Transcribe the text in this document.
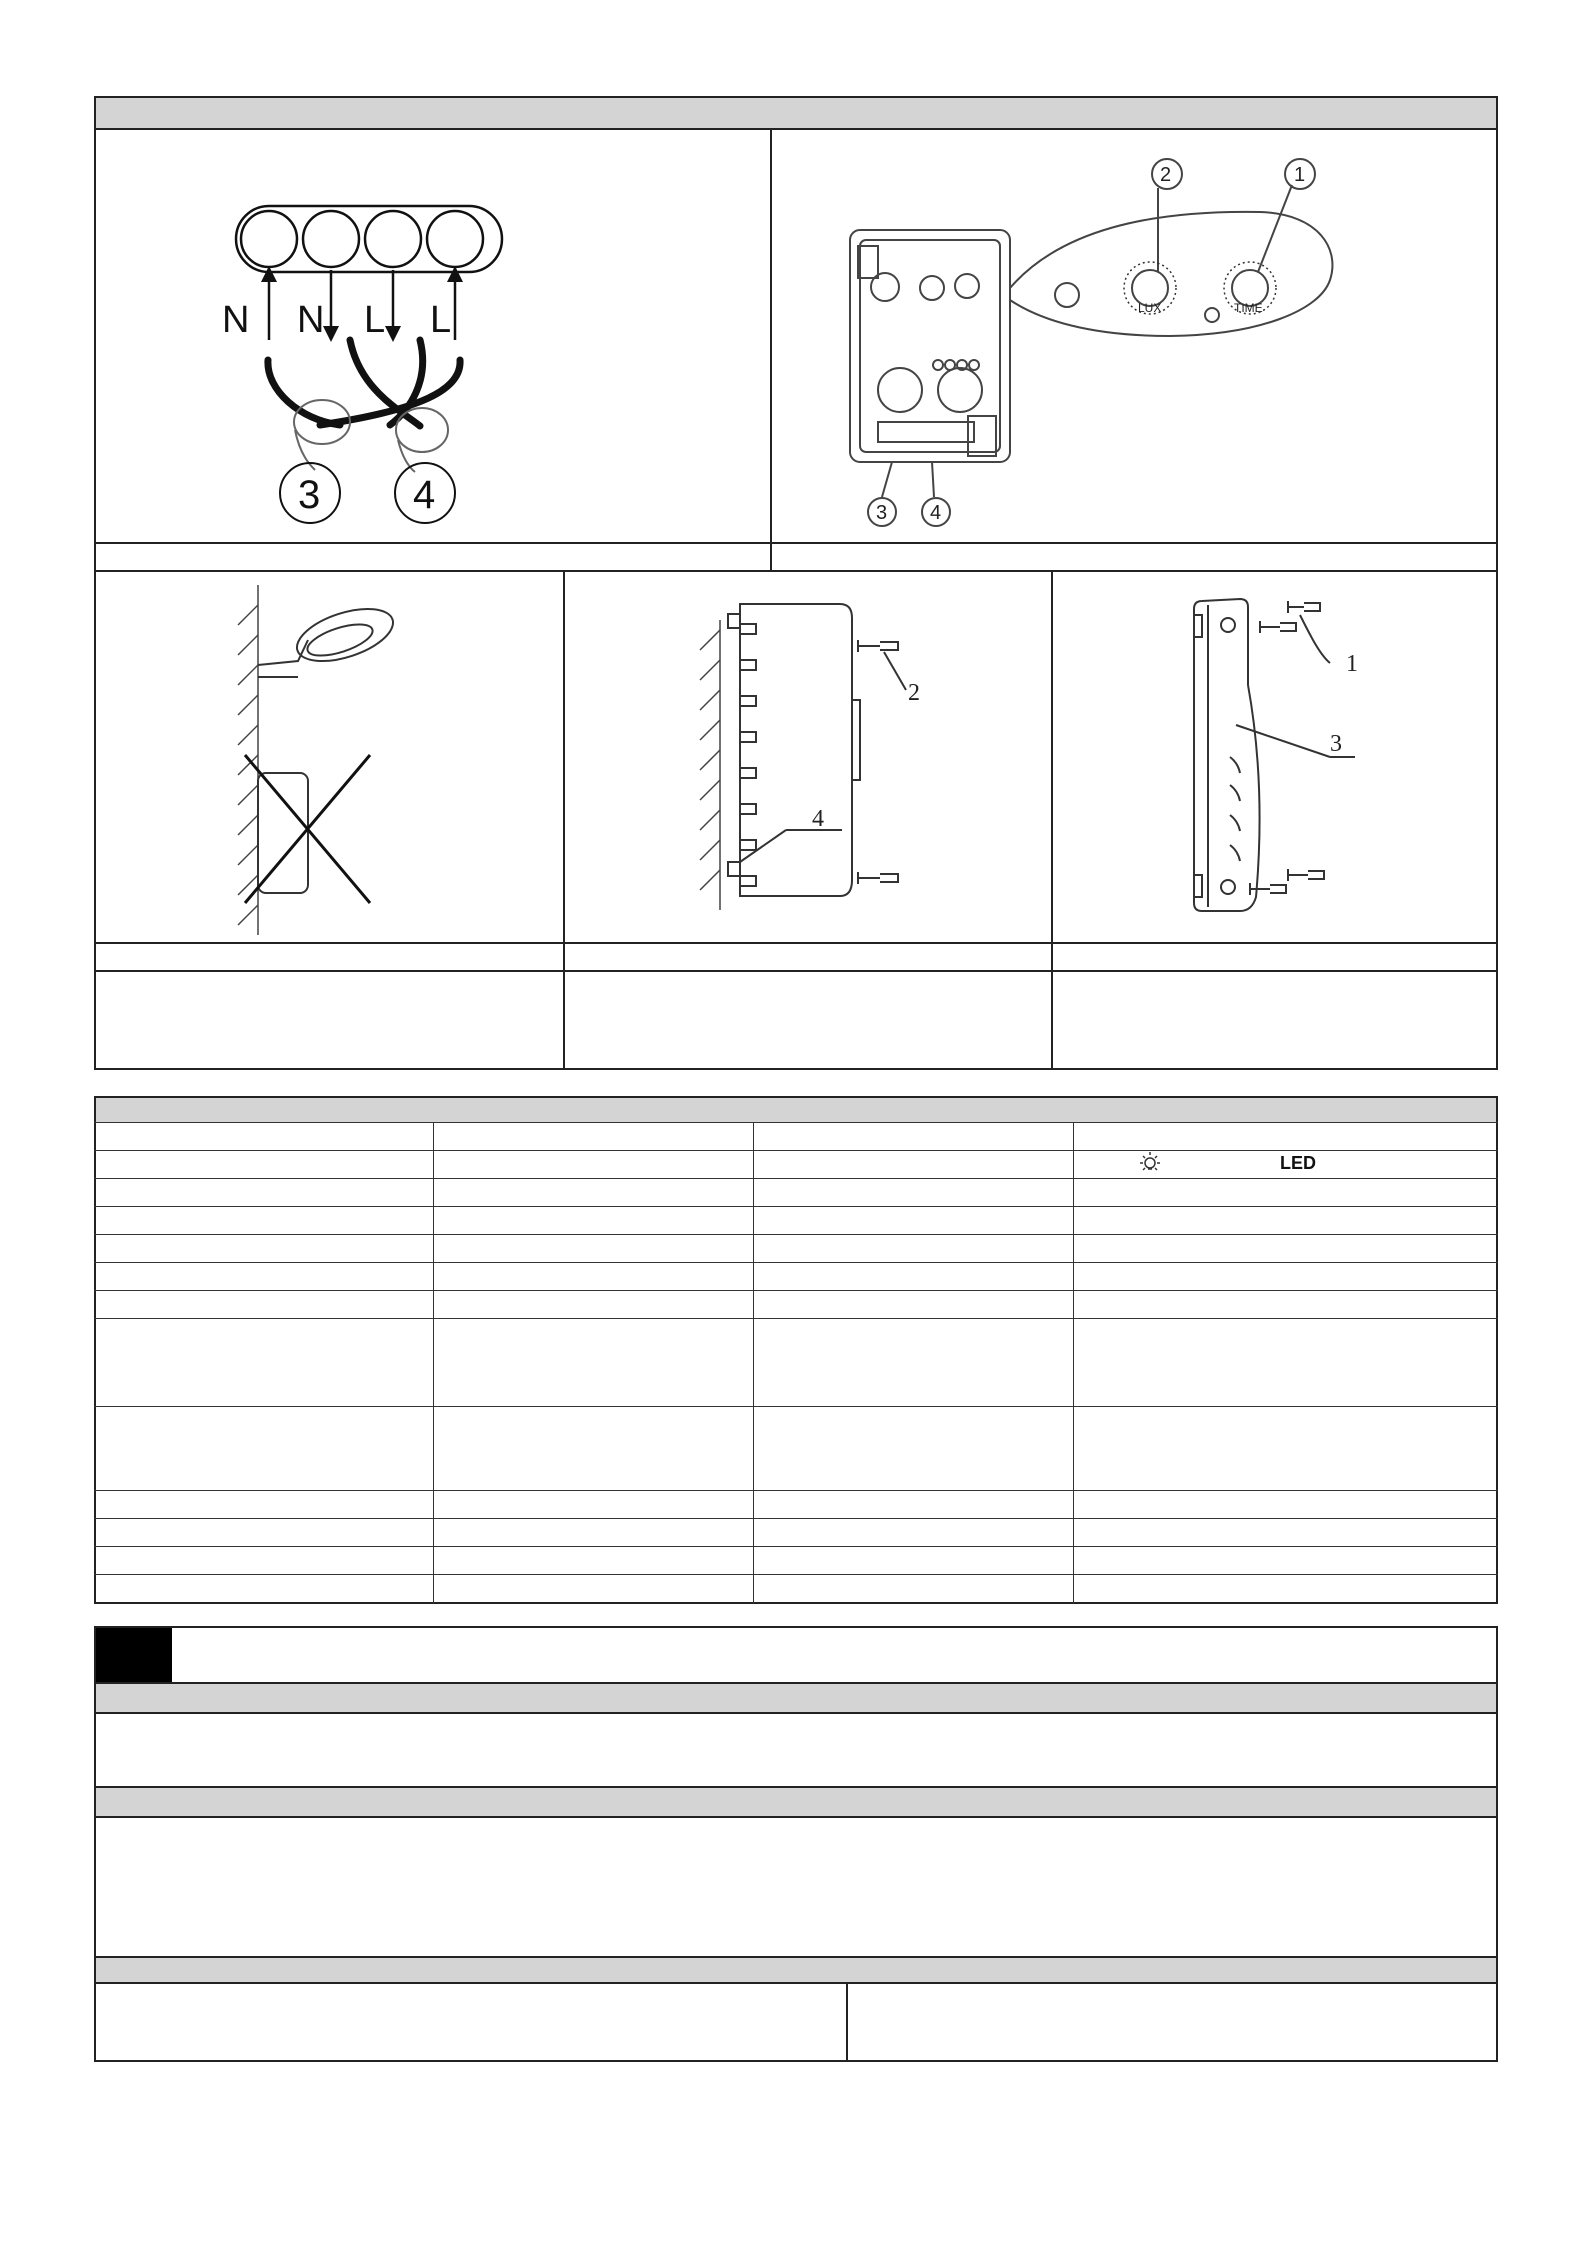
N N L L
3 4
2	1
3 4
LUX	TIME
2
4
1
3
LED
